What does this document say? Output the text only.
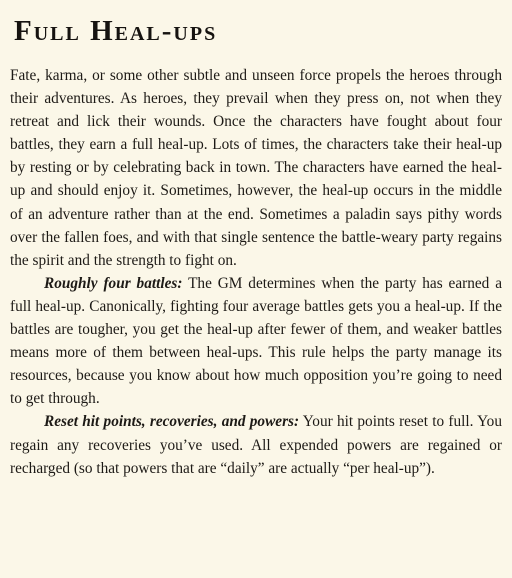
Full Heal-ups

Fate, karma, or some other subtle and unseen force propels the heroes through their adventures. As heroes, they prevail when they press on, not when they retreat and lick their wounds. Once the characters have fought about four battles, they earn a full heal-up. Lots of times, the characters take their heal-up by resting or by celebrating back in town. The characters have earned the heal-up and should enjoy it. Sometimes, however, the heal-up occurs in the middle of an adventure rather than at the end. Sometimes a paladin says pithy words over the fallen foes, and with that single sentence the battle-weary party regains the spirit and the strength to fight on.

Roughly four battles: The GM determines when the party has earned a full heal-up. Canonically, fighting four average battles gets you a heal-up. If the battles are tougher, you get the heal-up after fewer of them, and weaker battles means more of them between heal-ups. This rule helps the party manage its resources, because you know about how much opposition you’re going to need to get through.

Reset hit points, recoveries, and powers: Your hit points reset to full. You regain any recoveries you’ve used. All expended powers are regained or recharged (so that powers that are “daily” are actually “per heal-up”).
